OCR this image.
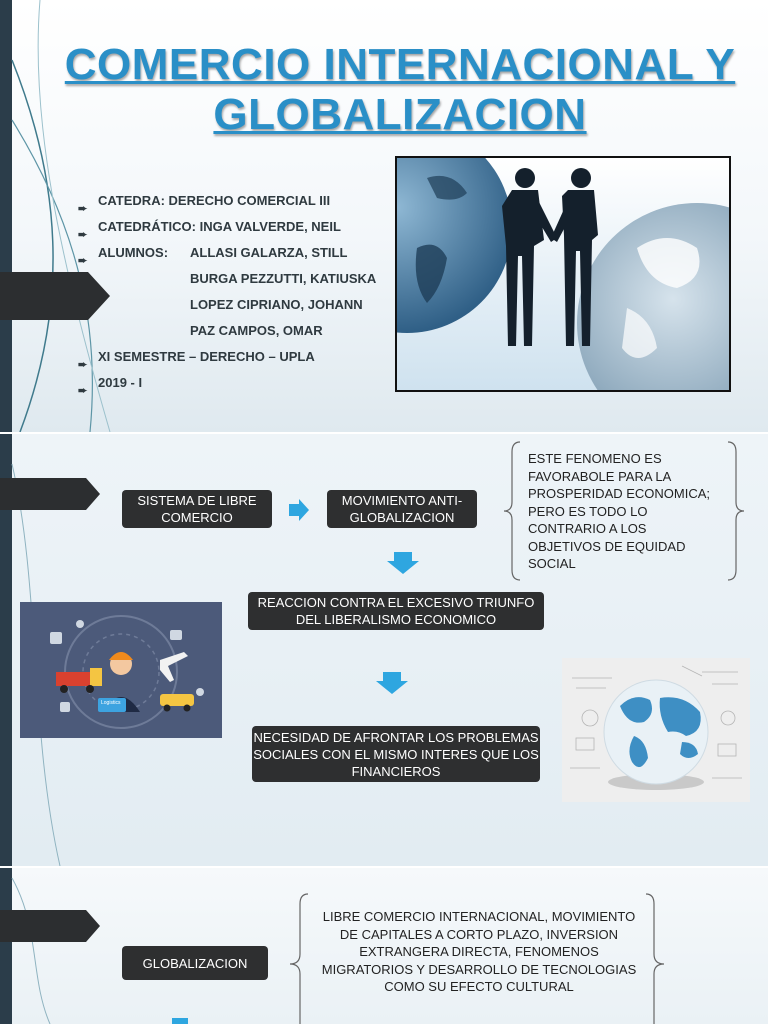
COMERCIO INTERNACIONAL Y
GLOBALIZACION
➨
CATEDRA: DERECHO COMERCIAL III
➨
CATEDRÁTICO: INGA VALVERDE, NEIL
➨
ALUMNOS: ALLASI GALARZA, STILL
BURGA PEZZUTTI, KATIUSKA
LOPEZ CIPRIANO, JOHANN
PAZ CAMPOS, OMAR
➨
XI SEMESTRE – DERECHO – UPLA
➨
2019 - I
SISTEMA DE LIBRE COMERCIO
MOVIMIENTO ANTI-GLOBALIZACION
ESTE FENOMENO ES FAVORABOLE PARA LA PROSPERIDAD ECONOMICA; PERO ES TODO LO CONTRARIO A LOS OBJETIVOS DE EQUIDAD SOCIAL
REACCION CONTRA EL EXCESIVO TRIUNFO DEL LIBERALISMO ECONOMICO
Logistics
NECESIDAD DE AFRONTAR LOS PROBLEMAS SOCIALES CON EL MISMO INTERES QUE LOS FINANCIEROS
GLOBALIZACION
LIBRE COMERCIO INTERNACIONAL, MOVIMIENTO DE CAPITALES A CORTO PLAZO, INVERSION EXTRANGERA DIRECTA, FENOMENOS MIGRATORIOS Y DESARROLLO DE TECNOLOGIAS COMO SU EFECTO CULTURAL
